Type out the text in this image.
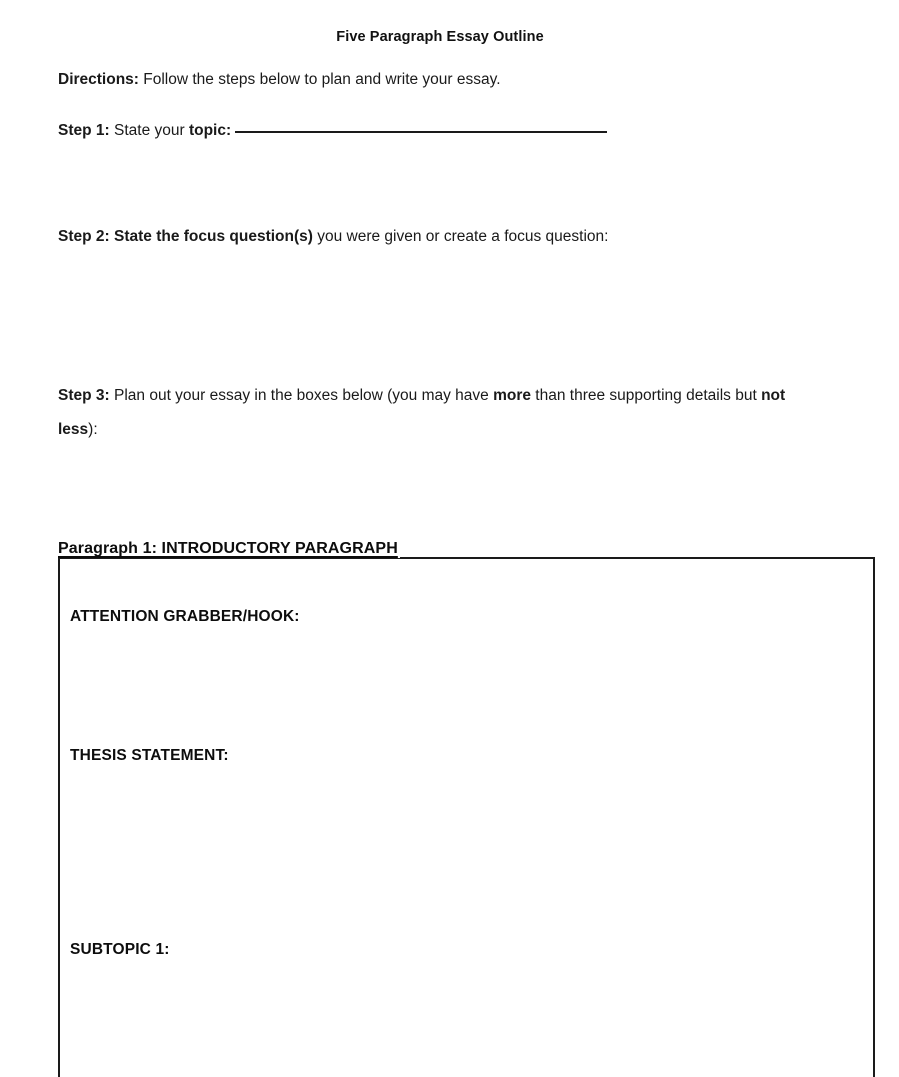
Five Paragraph Essay Outline
Directions: Follow the steps below to plan and write your essay.
Step 1: State your topic:
Step 2: State the focus question(s) you were given or create a focus question:
Step 3: Plan out your essay in the boxes below (you may have more than three supporting details but not less):
Paragraph 1: INTRODUCTORY PARAGRAPH
ATTENTION GRABBER/HOOK:
THESIS STATEMENT:
SUBTOPIC 1:
